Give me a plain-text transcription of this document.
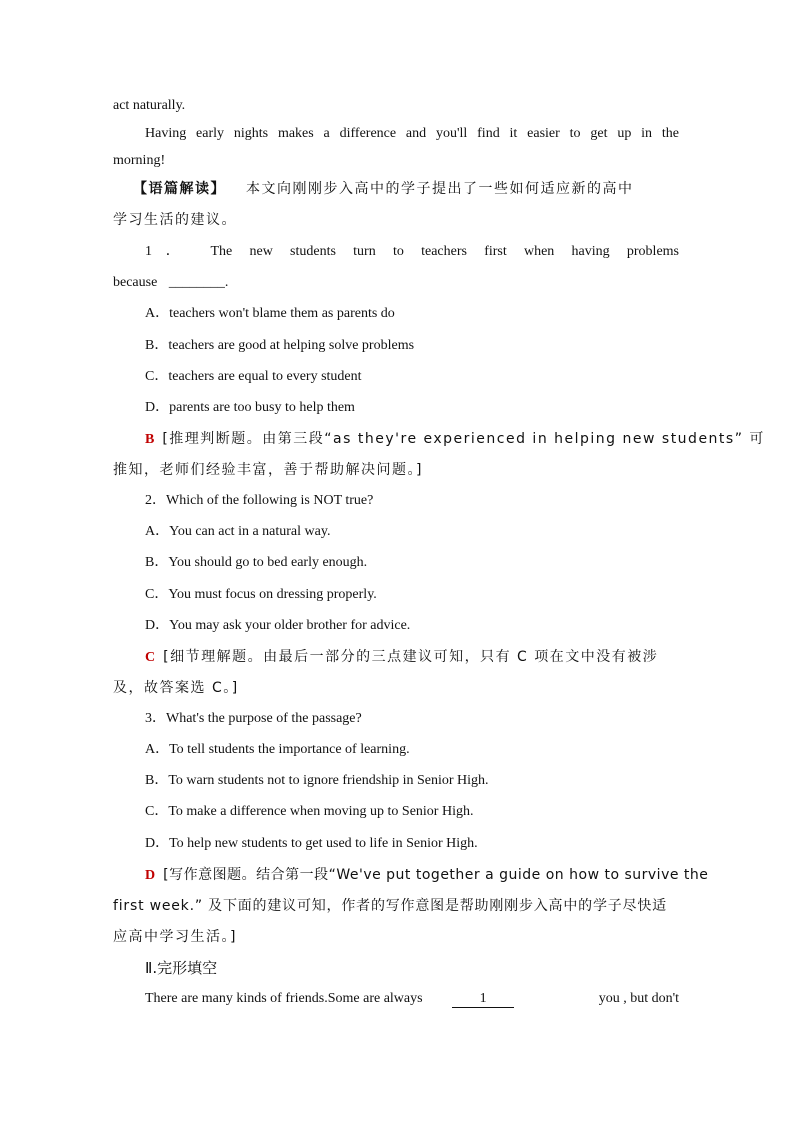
act naturally.
Having early nights makes a difference and you'll find it easier to get up in the
morning!
【语篇解读】 本文向刚刚步入高中的学子提出了一些如何适应新的高中
学习生活的建议。
1． The new students turn to teachers first when having problems
because ________.
A．teachers won't blame them as parents do
B．teachers are good at helping solve problems
C．teachers are equal to every student
D．parents are too busy to help them
B [推理判断题。由第三段“as they're experienced in helping new students” 可
推知，老师们经验丰富，善于帮助解决问题。]
2．Which of the following is NOT true?
A．You can act in a natural way.
B．You should go to bed early enough.
C．You must focus on dressing properly.
D．You may ask your older brother for advice.
C [细节理解题。由最后一部分的三点建议可知，只有 C 项在文中没有被涉
及，故答案选 C。]
3．What's the purpose of the passage?
A．To tell students the importance of learning.
B．To warn students not to ignore friendship in Senior High.
C．To make a difference when moving up to Senior High.
D．To help new students to get used to life in Senior High.
D [写作意图题。结合第一段“We've put together a guide on how to survive the
first week.” 及下面的建议可知，作者的写作意图是帮助刚刚步入高中的学子尽快适
应高中学习生活。]
Ⅱ.完形填空
There are many kinds of friends.Some are always	1	you , but don't
